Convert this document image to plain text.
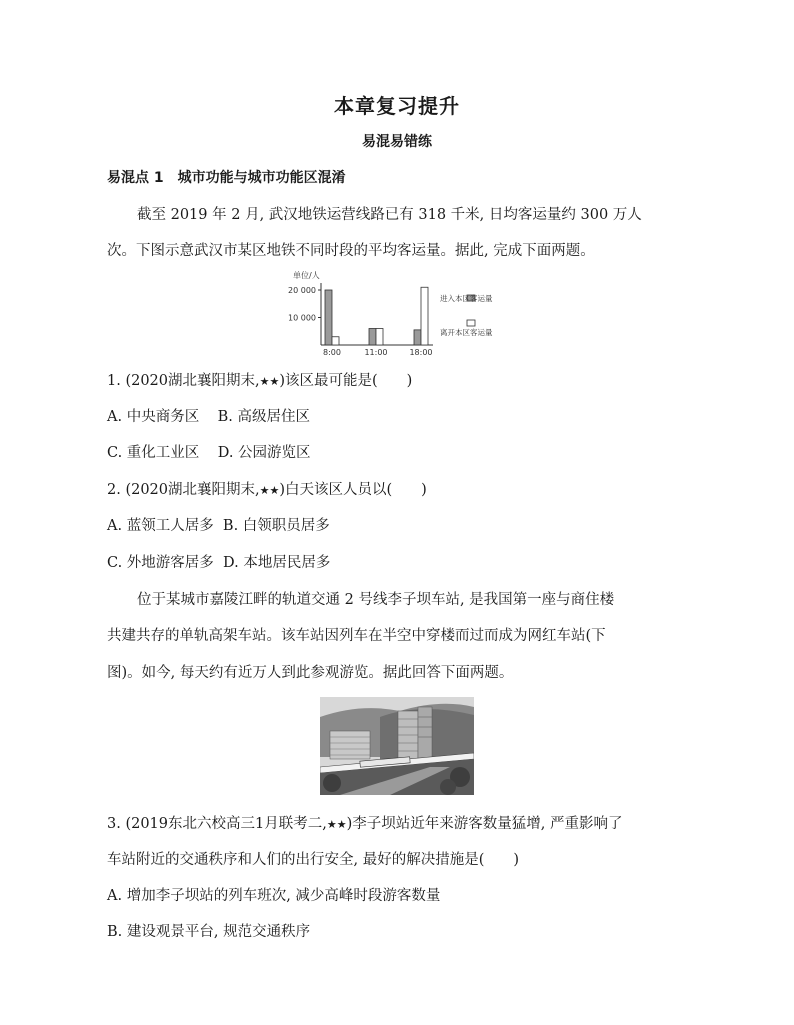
本章复习提升
易混易错练
易混点 1 城市功能与城市功能区混淆
截至 2019 年 2 月, 武汉地铁运营线路已有 318 千米, 日均客运量约 300 万人
次。下图示意武汉市某区地铁不同时段的平均客运量。据此, 完成下面两题。
单位/人
20 000
10 000
8:00	11:00	18:00
进入本区客运量
离开本区客运量
1. (2020湖北襄阳期末,★★)该区最可能是(　　)
A. 中央商务区 B. 高级居住区
C. 重化工业区 D. 公园游览区
2. (2020湖北襄阳期末,★★)白天该区人员以(　　)
A. 蓝领工人居多 B. 白领职员居多
C. 外地游客居多 D. 本地居民居多
位于某城市嘉陵江畔的轨道交通 2 号线李子坝车站, 是我国第一座与商住楼
共建共存的单轨高架车站。该车站因列车在半空中穿楼而过而成为网红车站(下
图)。如今, 每天约有近万人到此参观游览。据此回答下面两题。
3. (2019东北六校高三1月联考二,★★)李子坝站近年来游客数量猛增, 严重影响了
车站附近的交通秩序和人们的出行安全, 最好的解决措施是(　　)
A. 增加李子坝站的列车班次, 减少高峰时段游客数量
B. 建设观景平台, 规范交通秩序
